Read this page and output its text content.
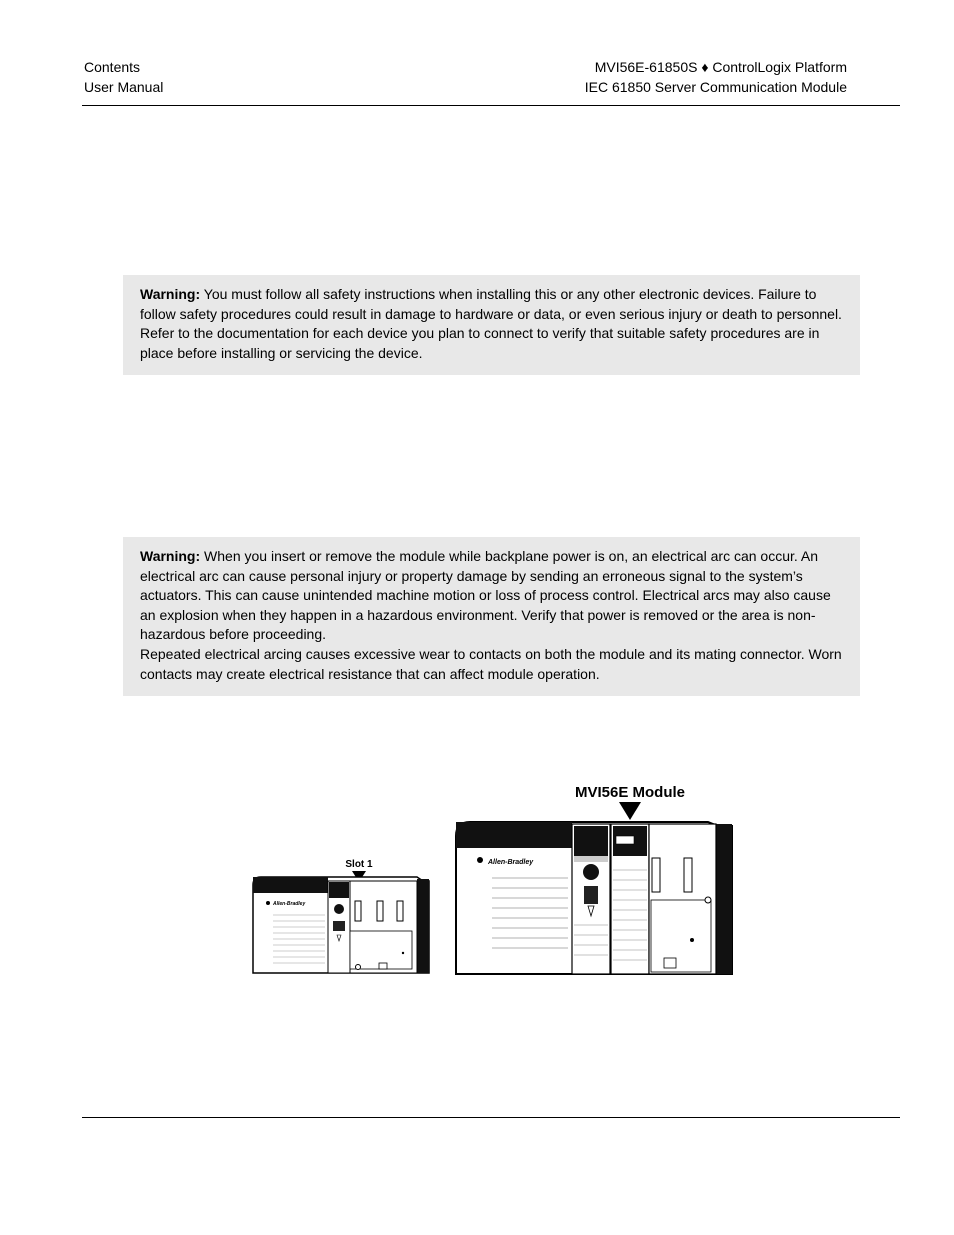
Contents
User Manual
MVI56E-61850S ♦ ControlLogix Platform
IEC 61850 Server Communication Module

Warning: You must follow all safety instructions when installing this or any other electronic devices. Failure to follow safety procedures could result in damage to hardware or data, or even serious injury or death to personnel. Refer to the documentation for each device you plan to connect to verify that suitable safety procedures are in place before installing or servicing the device.

Warning: When you insert or remove the module while backplane power is on, an electrical arc can occur. An electrical arc can cause personal injury or property damage by sending an erroneous signal to the system’s actuators. This can cause unintended machine motion or loss of process control. Electrical arcs may also cause an explosion when they happen in a hazardous environment. Verify that power is removed or the area is non-hazardous before proceeding.

Repeated electrical arcing causes excessive wear to contacts on both the module and its mating connector. Worn contacts may create electrical resistance that can affect module operation.

Slot 1
Allen-Bradley
MVI56E Module
Allen-Bradley
